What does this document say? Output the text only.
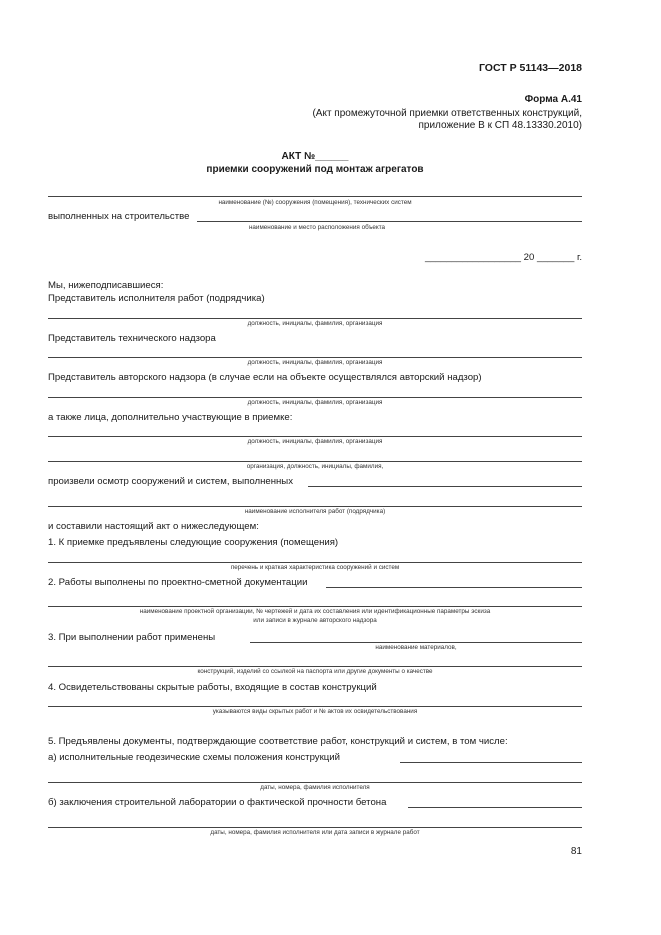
ГОСТ Р 51143—2018
Форма А.41
(Акт промежуточной приемки ответственных конструкций,
приложение В к СП 48.13330.2010)
АКТ №______
приемки сооружений под монтаж агрегатов
наименование (№) сооружения (помещения), технических систем
выполненных на строительстве
наименование и место расположения объекта
__________________ 20 _______ г.
Мы, нижеподписавшиеся:
Представитель исполнителя работ (подрядчика)
должность, инициалы, фамилия, организация
Представитель технического надзора
должность, инициалы, фамилия, организация
Представитель авторского надзора (в случае если на объекте осуществлялся авторский надзор)
должность, инициалы, фамилия, организация
а также лица, дополнительно участвующие в приемке:
должность, инициалы, фамилия, организация
организация, должность, инициалы, фамилия,
произвели осмотр сооружений и систем, выполненных
наименование исполнителя работ (подрядчика)
и составили настоящий акт о нижеследующем:
1. К приемке предъявлены следующие сооружения (помещения)
перечень и краткая характеристика сооружений и систем
2. Работы выполнены по проектно-сметной документации
наименование проектной организации, № чертежей и дата их составления или идентификационные параметры эскиза
или записи в журнале авторского надзора
3. При выполнении работ применены
наименование материалов,
конструкций, изделий со ссылкой на паспорта или другие документы о качестве
4. Освидетельствованы скрытые работы, входящие в состав конструкций
указываются виды скрытых работ и № актов их освидетельствования
5. Предъявлены документы, подтверждающие соответствие работ, конструкций и систем, в том числе:
а) исполнительные геодезические схемы положения конструкций
даты, номера, фамилия исполнителя
б) заключения строительной лаборатории о фактической прочности бетона
даты, номера, фамилия исполнителя или дата записи в журнале работ
81
